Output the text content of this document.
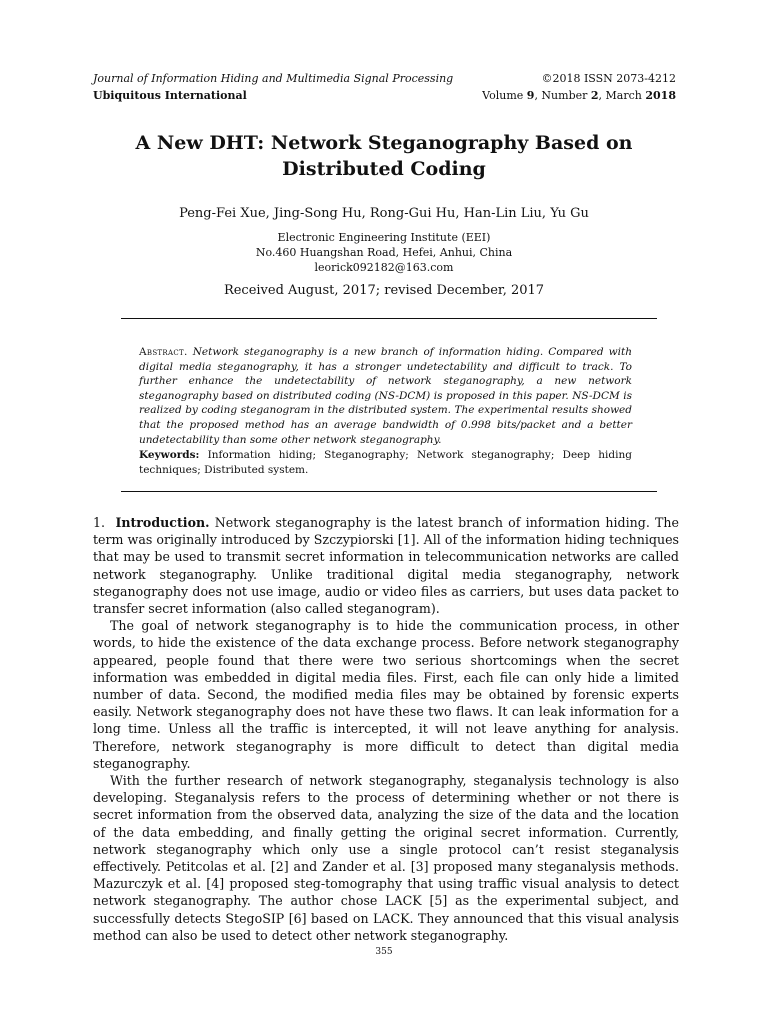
Journal of Information Hiding and Multimedia Signal Processing	©2018 ISSN 2073-4212
Ubiquitous International	Volume 9, Number 2, March 2018
A New DHT: Network Steganography Based on
Distributed Coding
Peng-Fei Xue, Jing-Song Hu, Rong-Gui Hu, Han-Lin Liu, Yu Gu
Electronic Engineering Institute (EEI)
No.460 Huangshan Road, Hefei, Anhui, China
leorick092182@163.com
Received August, 2017; revised December, 2017
Abstract. Network steganography is a new branch of information hiding. Compared with digital media steganography, it has a stronger undetectability and difficult to track. To further enhance the undetectability of network steganography, a new network steganography based on distributed coding (NS-DCM) is proposed in this paper. NS-DCM is realized by coding steganogram in the distributed system. The experimental results showed that the proposed method has an average bandwidth of 0.998 bits/packet and a better undetectability than some other network steganography.
Keywords: Information hiding; Steganography; Network steganography; Deep hiding techniques; Distributed system.

1. Introduction. Network steganography is the latest branch of information hiding. The term was originally introduced by Szczypiorski [1]. All of the information hiding techniques that may be used to transmit secret information in telecommunication networks are called network steganography. Unlike traditional digital media steganography, network steganography does not use image, audio or video files as carriers, but uses data packet to transfer secret information (also called steganogram).

The goal of network steganography is to hide the communication process, in other words, to hide the existence of the data exchange process. Before network steganography appeared, people found that there were two serious shortcomings when the secret information was embedded in digital media files. First, each file can only hide a limited number of data. Second, the modified media files may be obtained by forensic experts easily. Network steganography does not have these two flaws. It can leak information for a long time. Unless all the traffic is intercepted, it will not leave anything for analysis. Therefore, network steganography is more difficult to detect than digital media steganography.

With the further research of network steganography, steganalysis technology is also developing. Steganalysis refers to the process of determining whether or not there is secret information from the observed data, analyzing the size of the data and the location of the data embedding, and finally getting the original secret information. Currently, network steganography which only use a single protocol can’t resist steganalysis effectively. Petitcolas et al. [2] and Zander et al. [3] proposed many steganalysis methods. Mazurczyk et al. [4] proposed steg-tomography that using traffic visual analysis to detect network steganography. The author chose LACK [5] as the experimental subject, and successfully detects StegoSIP [6] based on LACK. They announced that this visual analysis method can also be used to detect other network steganography.

355
